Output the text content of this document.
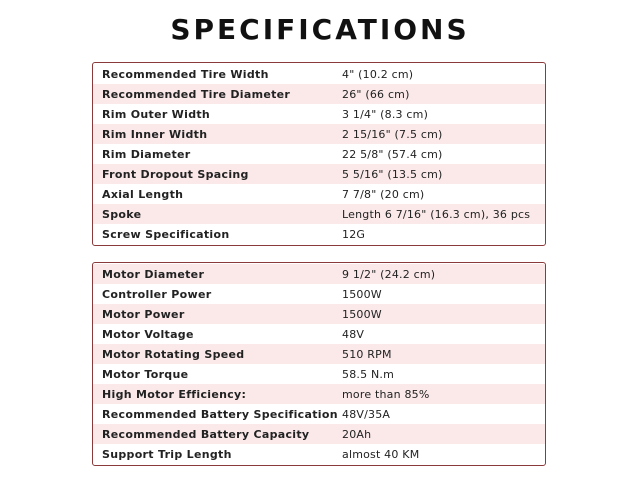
SPECIFICATIONS
Recommended Tire Width	4" (10.2 cm)
Recommended Tire Diameter	26" (66 cm)
Rim Outer Width	3 1/4" (8.3 cm)
Rim Inner Width	2 15/16" (7.5 cm)
Rim Diameter	22 5/8" (57.4 cm)
Front Dropout Spacing	5 5/16" (13.5 cm)
Axial Length	7 7/8" (20 cm)
Spoke	Length 6 7/16" (16.3 cm), 36 pcs
Screw Specification	12G
Motor Diameter	9 1/2" (24.2 cm)
Controller Power	1500W
Motor Power	1500W
Motor Voltage	48V
Motor Rotating Speed	510 RPM
Motor Torque	58.5 N.m
High Motor Efficiency:	more than 85%
Recommended Battery Specification 48V/35A
Recommended Battery Capacity	20Ah
Support Trip Length	almost 40 KM
